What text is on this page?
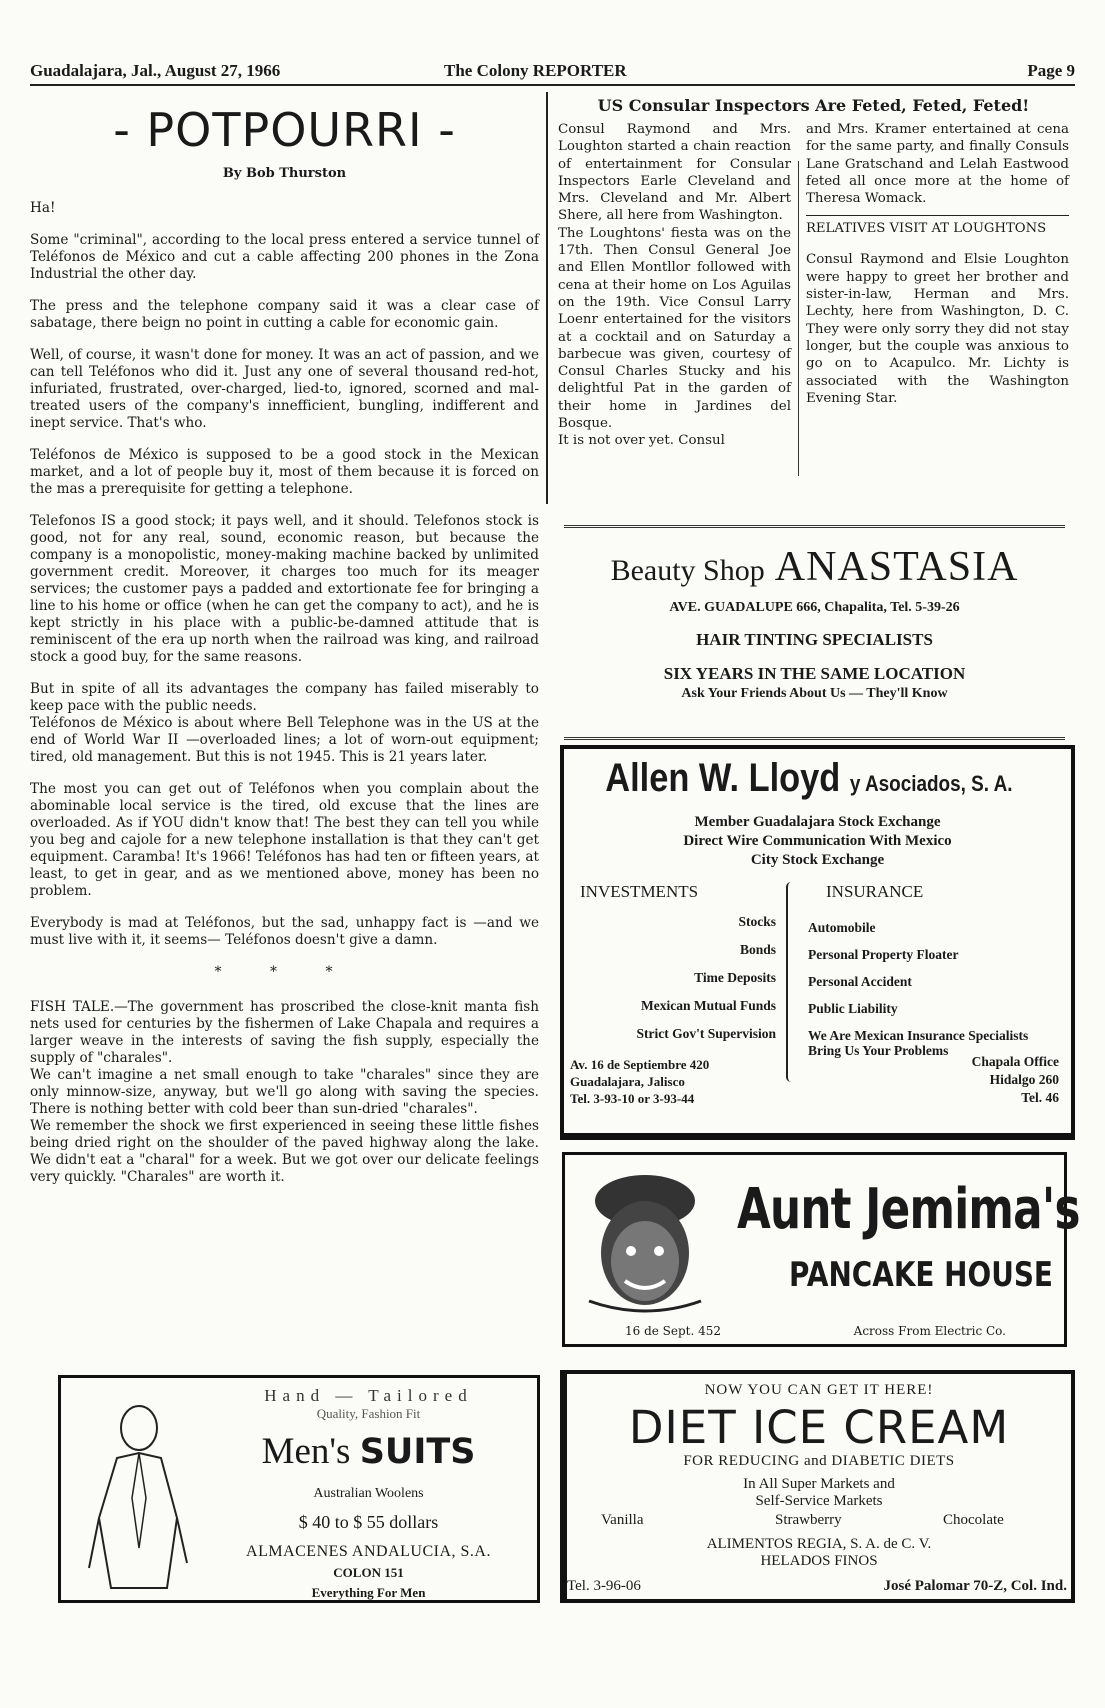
Guadalajara, Jal., August 27, 1966	The Colony REPORTER	Page 9
- POTPOURRI -
By Bob Thurston

Ha!

Some "criminal", according to the local press entered a service tunnel of Teléfonos de México and cut a cable affecting 200 phones in the Zona Industrial the other day.

The press and the telephone company said it was a clear case of sabatage, there beign no point in cutting a cable for economic gain.

Well, of course, it wasn't done for money. It was an act of passion, and we can tell Teléfonos who did it. Just any one of several thousand red-hot, infuriated, frustrated, over-charged, lied-to, ignored, scorned and mal-treated users of the company's innefficient, bungling, indifferent and inept service. That's who.

Teléfonos de México is supposed to be a good stock in the Mexican market, and a lot of people buy it, most of them because it is forced on the mas a prerequisite for getting a telephone.

Telefonos IS a good stock; it pays well, and it should. Telefonos stock is good, not for any real, sound, economic reason, but because the company is a monopolistic, money-making machine backed by unlimited government credit. Moreover, it charges too much for its meager services; the customer pays a padded and extortionate fee for bringing a line to his home or office (when he can get the company to act), and he is kept strictly in his place with a public-be-damned attitude that is reminiscent of the era up north when the railroad was king, and railroad stock a good buy, for the same reasons.

But in spite of all its advantages the company has failed miserably to keep pace with the public needs.

Teléfonos de México is about where Bell Telephone was in the US at the end of World War II —overloaded lines; a lot of worn-out equipment; tired, old management. But this is not 1945. This is 21 years later.

The most you can get out of Teléfonos when you complain about the abominable local service is the tired, old excuse that the lines are overloaded. As if YOU didn't know that! The best they can tell you while you beg and cajole for a new telephone installation is that they can't get equipment. Caramba! It's 1966! Teléfonos has had ten or fifteen years, at least, to get in gear, and as we mentioned above, money has been no problem.

Everybody is mad at Teléfonos, but the sad, unhappy fact is —and we must live with it, it seems— Teléfonos doesn't give a damn.

* * *

FISH TALE.—The government has proscribed the close-knit manta fish nets used for centuries by the fishermen of Lake Chapala and requires a larger weave in the interests of saving the fish supply, especially the supply of "charales".

We can't imagine a net small enough to take "charales" since they are only minnow-size, anyway, but we'll go along with saving the species. There is nothing better with cold beer than sun-dried "charales".

We remember the shock we first experienced in seeing these little fishes being dried right on the shoulder of the paved highway along the lake. We didn't eat a "charal" for a week. But we got over our delicate feelings very quickly. "Charales" are worth it.

US Consular Inspectors Are Feted, Feted, Feted!

Consul Raymond and Mrs. Loughton started a chain reaction of entertainment for Consular Inspectors Earle Cleveland and Mrs. Cleveland and Mr. Albert Shere, all here from Washington.

The Loughtons' fiesta was on the 17th. Then Consul General Joe and Ellen Montllor followed with cena at their home on Los Aguilas on the 19th. Vice Consul Larry Loenr entertained for the visitors at a cocktail and on Saturday a barbecue was given, courtesy of Consul Charles Stucky and his delightful Pat in the garden of their home in Jardines del Bosque.

It is not over yet. Consul

and Mrs. Kramer entertained at cena for the same party, and finally Consuls Lane Gratschand and Lelah Eastwood feted all once more at the home of Theresa Womack.

RELATIVES VISIT AT LOUGHTONS

Consul Raymond and Elsie Loughton were happy to greet her brother and sister-in-law, Herman and Mrs. Lechty, here from Washington, D. C. They were only sorry they did not stay longer, but the couple was anxious to go on to Acapulco. Mr. Lichty is associated with the Washington Evening Star.

Beauty Shop ANASTASIA
AVE. GUADALUPE 666, Chapalita, Tel. 5-39-26
HAIR TINTING SPECIALISTS
SIX YEARS IN THE SAME LOCATION
Ask Your Friends About Us — They'll Know
Allen W. Lloyd y Asociados, S. A.
Member Guadalajara Stock Exchange
Direct Wire Communication With Mexico
City Stock Exchange
INVESTMENTS	INSURANCE
Stocks
Bonds
Time Deposits
Mexican Mutual Funds
Strict Gov't Supervision
Automobile
Personal Property Floater
Personal Accident
Public Liability
We Are Mexican Insurance Specialists Bring Us Your Problems
Av. 16 de Septiembre 420
Guadalajara, Jalisco
Tel. 3-93-10 or 3-93-44
Chapala Office
Hidalgo 260
Tel. 46
Aunt Jemima's
PANCAKE HOUSE
16 de Sept. 452	Across From Electric Co.
Hand — Tailored
Quality, Fashion Fit
Men's SUITS
Australian Woolens
$ 40 to $ 55 dollars
ALMACENES ANDALUCIA, S.A.
COLON 151
Everything For Men
NOW YOU CAN GET IT HERE!
DIET ICE CREAM
FOR REDUCING and DIABETIC DIETS
In All Super Markets and
Self-Service Markets
Vanilla	Strawberry	Chocolate
ALIMENTOS REGIA, S. A. de C. V.
HELADOS FINOS
Tel. 3-96-06	José Palomar 70-Z, Col. Ind.
